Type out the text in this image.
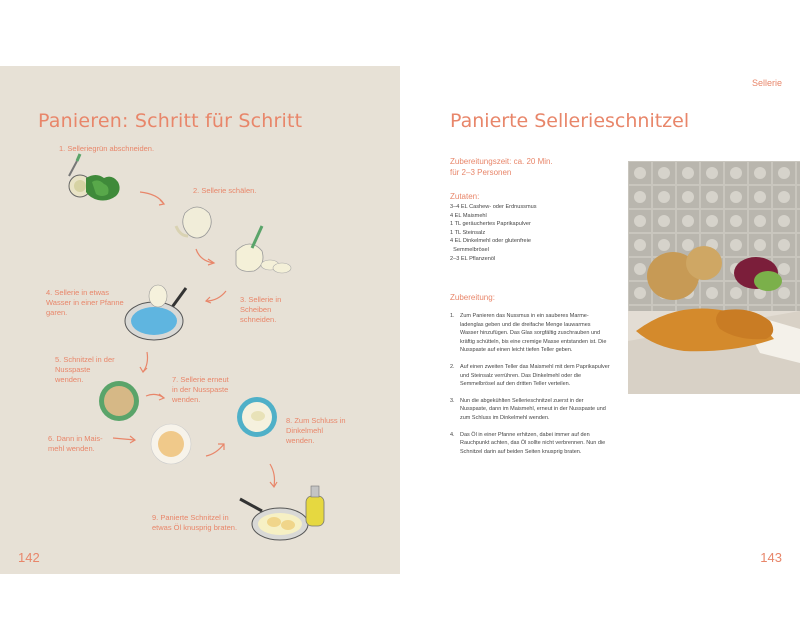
Panieren: Schritt für Schritt
1. Selleriegrün abschneiden.
2. Sellerie schälen.
3. Sellerie in Scheiben schneiden.
4. Sellerie in etwas Wasser in einer Pfanne garen.
5. Schnitzel in der Nusspaste wenden.
6. Dann in Maismehl wenden.
7. Sellerie erneut in der Nusspaste wenden.
8. Zum Schluss in Dinkelmehl wenden.
9. Panierte Schnitzel in etwas Öl knusprig braten.
142
Sellerie
Panierte Sellerieschnitzel
Zubereitungszeit: ca. 20 Min.
für 2–3 Personen
Zutaten:
3–4 EL Cashew- oder Erdnussmus
4 EL Maismehl
1 TL geräuchertes Paprikapulver
1 TL Steinsalz
4 EL Dinkelmehl oder glutenfreie
Semmelbrösel
2–3 EL Pflanzenöl
Zubereitung:
1. Zum Panieren das Nussmus in ein sauberes Marmeladenglas geben und die dreifache Menge lauwarmes Wasser hinzufügen. Das Glas sorgfältig zuschrauben und kräftig schütteln, bis eine cremige Masse entstanden ist. Die Nusspaste auf einen leicht tiefen Teller geben.
2. Auf einen zweiten Teller das Maismehl mit dem Paprikapulver und Steinsalz verrühren. Das Dinkelmehl oder die Semmelbrösel auf den dritten Teller verteilen.
3. Nun die abgekühlten Sellerieschnitzel zuerst in der Nusspaste, dann im Maismehl, erneut in der Nusspaste und zum Schluss im Dinkelmehl wenden.
4. Das Öl in einer Pfanne erhitzen, dabei immer auf den Rauchpunkt achten, das Öl sollte nicht verbrennen. Nun die Schnitzel darin auf beiden Seiten knusprig braten.
143
